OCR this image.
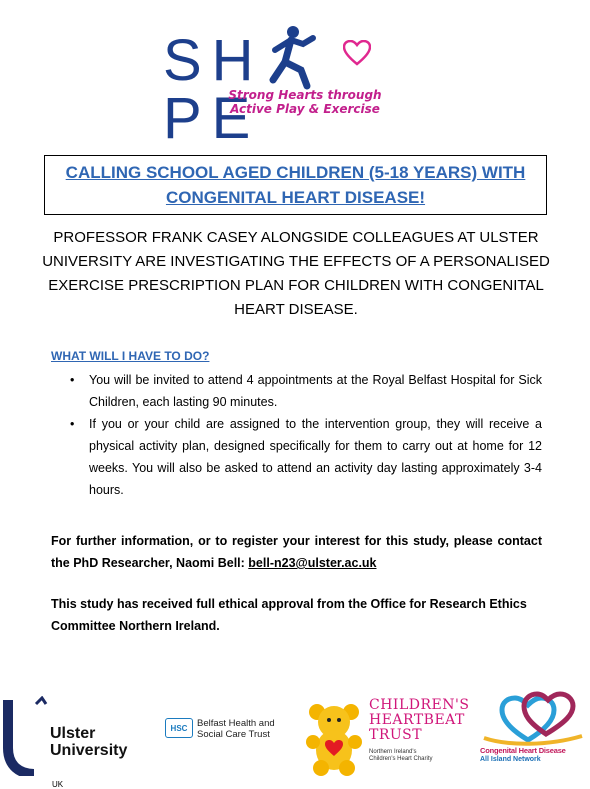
SHPE
Strong Hearts through
Active Play & Exercise
CALLING SCHOOL AGED CHILDREN (5-18 YEARS) WITH
CONGENITAL HEART DISEASE!
PROFESSOR FRANK CASEY ALONGSIDE COLLEAGUES AT ULSTER
UNIVERSITY ARE INVESTIGATING THE EFFECTS OF A PERSONALISED
EXERCISE PRESCRIPTION PLAN FOR CHILDREN WITH CONGENITAL
HEART DISEASE.
WHAT WILL I HAVE TO DO?
• You will be invited to attend 4 appointments at the Royal Belfast Hospital for Sick Children, each lasting 90 minutes.
• If you or your child are assigned to the intervention group, they will receive a physical activity plan, designed specifically for them to carry out at home for 12 weeks. You will also be asked to attend an activity day lasting approximately 3-4 hours.
For further information, or to register your interest for this study, please contact the PhD Researcher, Naomi Bell: bell-n23@ulster.ac.uk
This study has received full ethical approval from the Office for Research Ethics Committee Northern Ireland.
Ulster
University
UK
HSC	Belfast Health and
Social Care Trust
CHILDREN'S
HEARTBEAT
TRUST
Northern Ireland's
Children's Heart Charity
Congenital Heart Disease
All Island Network
